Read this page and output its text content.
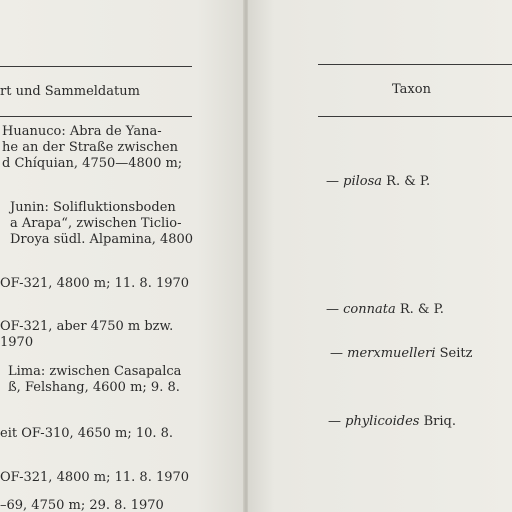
rt und Sammeldatum
Huanuco: Abra de Yana-
he an der Straße zwischen
d Chíquian, 4750—4800 m;
Junin: Solifluktionsboden
a Arapa“, zwischen Ticlio-
Droya südl. Alpamina, 4800
OF-321, 4800 m; 11. 8. 1970
OF-321, aber 4750 m bzw.
1970
Lima: zwischen Casapalca
ß, Felshang, 4600 m; 9. 8.
eit OF-310, 4650 m; 10. 8.
OF-321, 4800 m; 11. 8. 1970
–69, 4750 m; 29. 8. 1970
Taxon
— pilosa R. & P.
— connata R. & P.
— merxmuelleri Seitz
— phylicoides Briq.
